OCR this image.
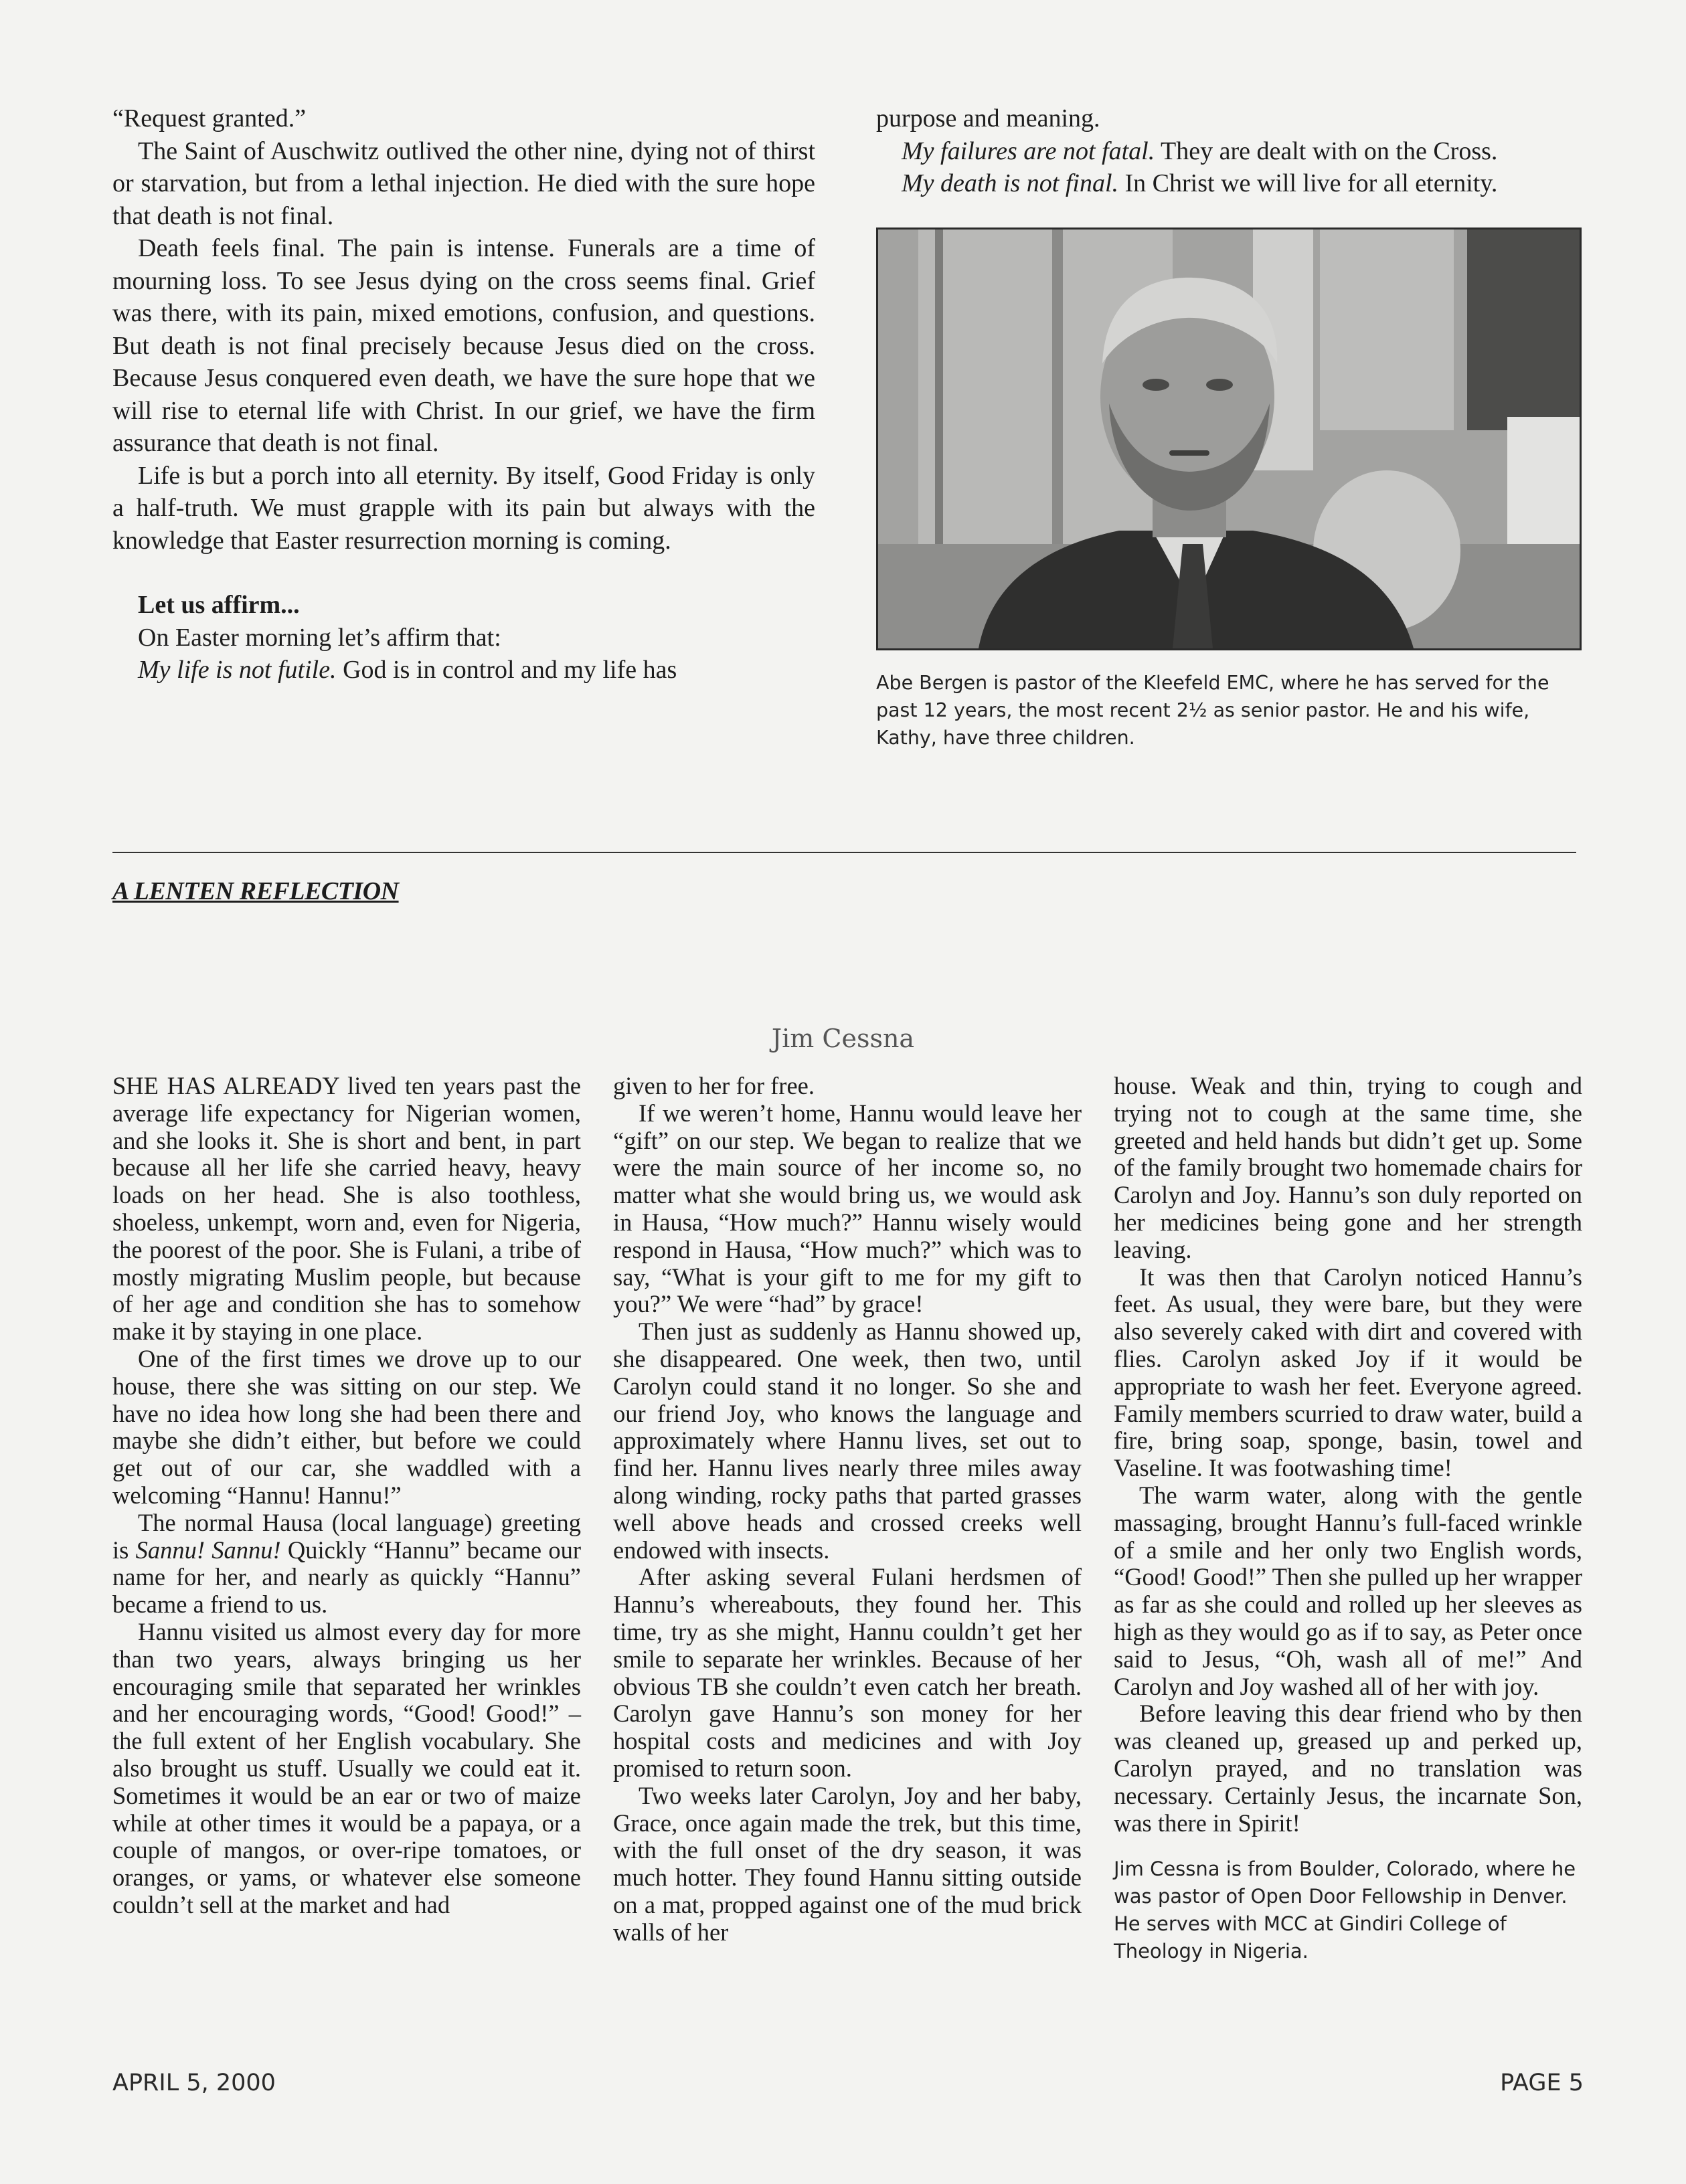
“Request granted.”

The Saint of Auschwitz outlived the other nine, dying not of thirst or starvation, but from a lethal injection. He died with the sure hope that death is not final.

Death feels final. The pain is intense. Funerals are a time of mourning loss. To see Jesus dying on the cross seems final. Grief was there, with its pain, mixed emotions, confusion, and questions. But death is not final precisely because Jesus died on the cross. Because Jesus conquered even death, we have the sure hope that we will rise to eternal life with Christ. In our grief, we have the firm assurance that death is not final.

Life is but a porch into all eternity. By itself, Good Friday is only a half-truth. We must grapple with its pain but always with the knowledge that Easter resurrection morning is coming.

Let us affirm...

On Easter morning let’s affirm that:

My life is not futile. God is in control and my life has

purpose and meaning.

My failures are not fatal. They are dealt with on the Cross.

My death is not final. In Christ we will live for all eternity.

Abe Bergen is pastor of the Kleefeld EMC, where he has served for the past 12 years, the most recent 2½ as senior pastor. He and his wife, Kathy, have three children.
A LENTEN REFLECTION
Jim Cessna

SHE HAS ALREADY lived ten years past the average life expectancy for Nigerian women, and she looks it. She is short and bent, in part because all her life she carried heavy, heavy loads on her head. She is also toothless, shoeless, unkempt, worn and, even for Nigeria, the poorest of the poor. She is Fulani, a tribe of mostly migrating Muslim people, but because of her age and condition she has to somehow make it by staying in one place.

One of the first times we drove up to our house, there she was sitting on our step. We have no idea how long she had been there and maybe she didn’t either, but before we could get out of our car, she waddled with a welcoming “Hannu! Hannu!”

The normal Hausa (local language) greeting is Sannu! Sannu! Quickly “Hannu” became our name for her, and nearly as quickly “Hannu” became a friend to us.

Hannu visited us almost every day for more than two years, always bringing us her encouraging smile that separated her wrinkles and her encouraging words, “Good! Good!” – the full extent of her English vocabulary. She also brought us stuff. Usually we could eat it. Sometimes it would be an ear or two of maize while at other times it would be a papaya, or a couple of mangos, or over-ripe tomatoes, or oranges, or yams, or whatever else someone couldn’t sell at the market and had

given to her for free.

If we weren’t home, Hannu would leave her “gift” on our step. We began to realize that we were the main source of her income so, no matter what she would bring us, we would ask in Hausa, “How much?” Hannu wisely would respond in Hausa, “How much?” which was to say, “What is your gift to me for my gift to you?” We were “had” by grace!

Then just as suddenly as Hannu showed up, she disappeared. One week, then two, until Carolyn could stand it no longer. So she and our friend Joy, who knows the language and approximately where Hannu lives, set out to find her. Hannu lives nearly three miles away along winding, rocky paths that parted grasses well above heads and crossed creeks well endowed with insects.

After asking several Fulani herdsmen of Hannu’s whereabouts, they found her. This time, try as she might, Hannu couldn’t get her smile to separate her wrinkles. Because of her obvious TB she couldn’t even catch her breath. Carolyn gave Hannu’s son money for her hospital costs and medicines and with Joy promised to return soon.

Two weeks later Carolyn, Joy and her baby, Grace, once again made the trek, but this time, with the full onset of the dry season, it was much hotter. They found Hannu sitting outside on a mat, propped against one of the mud brick walls of her

house. Weak and thin, trying to cough and trying not to cough at the same time, she greeted and held hands but didn’t get up. Some of the family brought two homemade chairs for Carolyn and Joy. Hannu’s son duly reported on her medicines being gone and her strength leaving.

It was then that Carolyn noticed Hannu’s feet. As usual, they were bare, but they were also severely caked with dirt and covered with flies. Carolyn asked Joy if it would be appropriate to wash her feet. Everyone agreed. Family members scurried to draw water, build a fire, bring soap, sponge, basin, towel and Vaseline. It was footwashing time!

The warm water, along with the gentle massaging, brought Hannu’s full-faced wrinkle of a smile and her only two English words, “Good! Good!” Then she pulled up her wrapper as far as she could and rolled up her sleeves as high as they would go as if to say, as Peter once said to Jesus, “Oh, wash all of me!” And Carolyn and Joy washed all of her with joy.

Before leaving this dear friend who by then was cleaned up, greased up and perked up, Carolyn prayed, and no translation was necessary. Certainly Jesus, the incarnate Son, was there in Spirit!

Jim Cessna is from Boulder, Colorado, where he was pastor of Open Door Fellowship in Denver. He serves with MCC at Gindiri College of Theology in Nigeria.
APRIL 5, 2000	PAGE 5
